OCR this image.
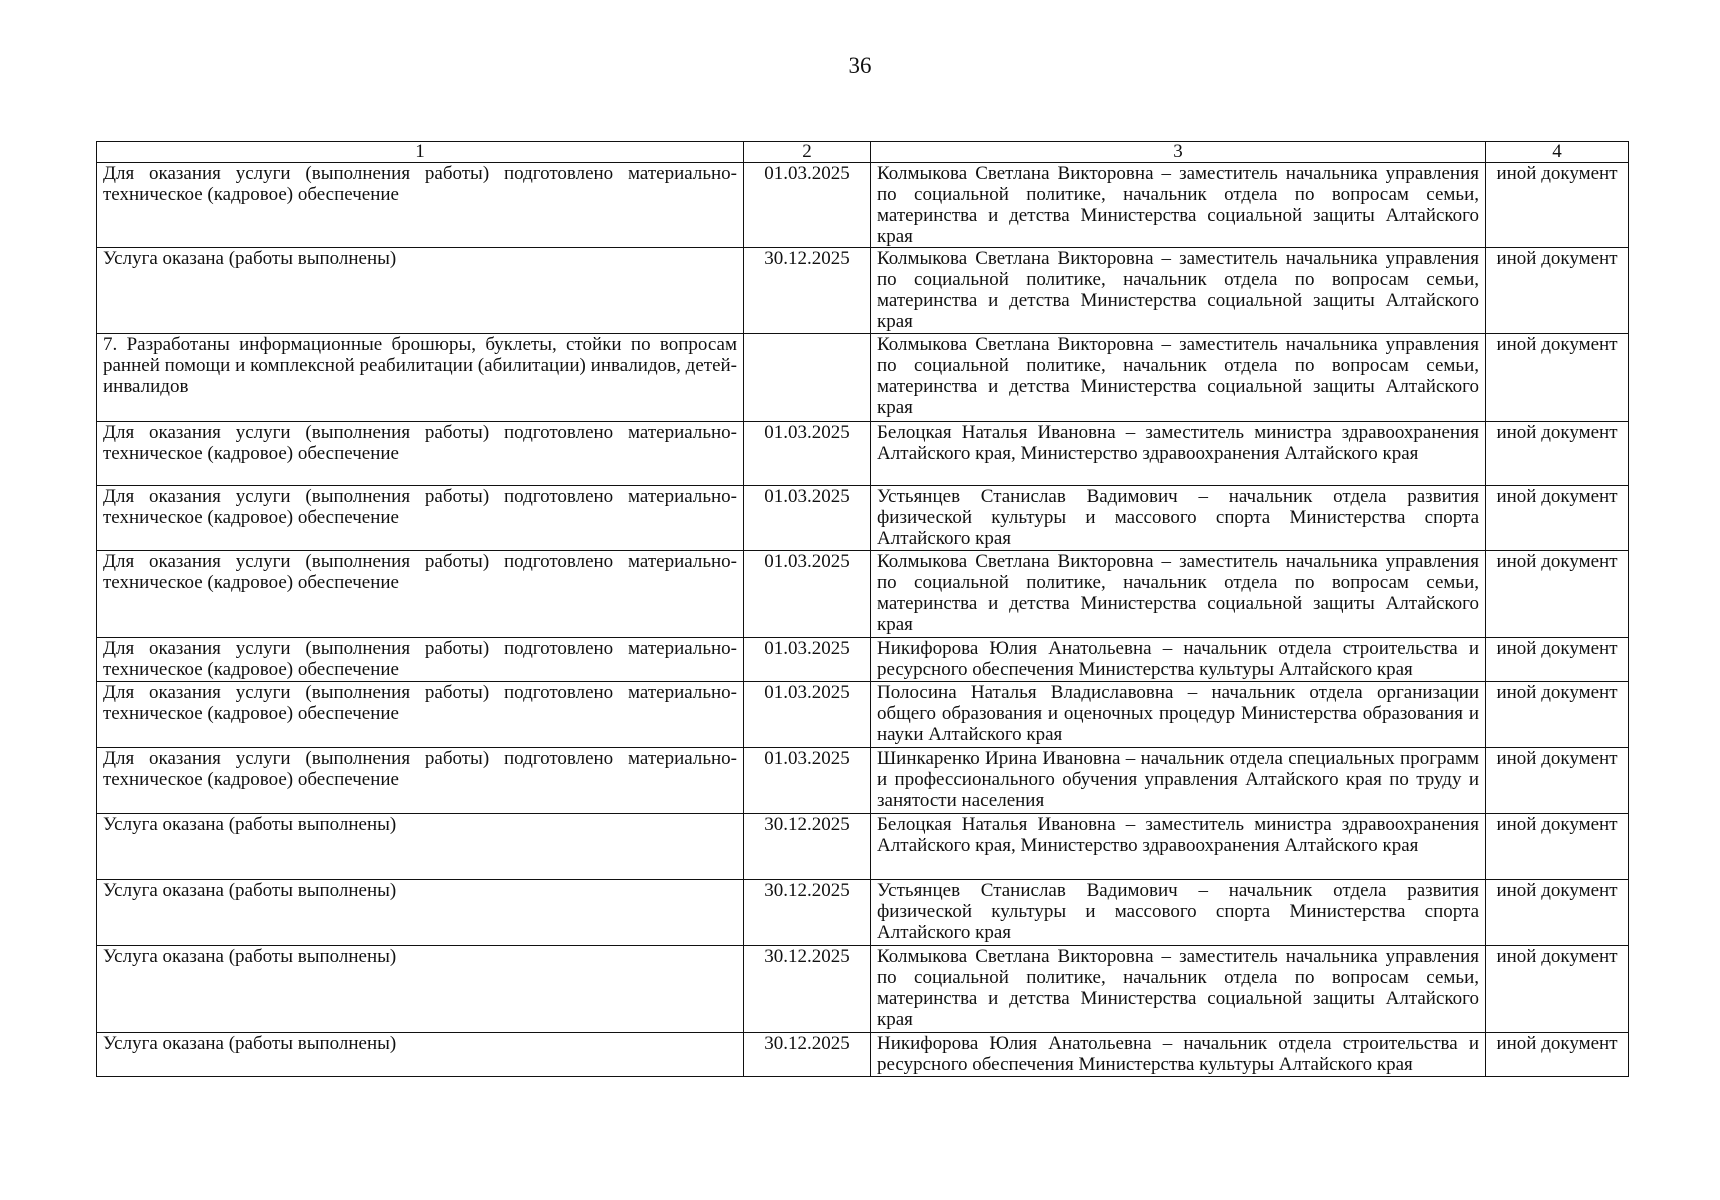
36
1	2	3	4
Для оказания услуги (выполнения работы) подготовлено материально-техническое (кадровое) обеспечение	01.03.2025	Колмыкова Светлана Викторовна – заместитель начальника управления по социальной политике, начальник отдела по вопросам семьи, материнства и детства Министерства социальной защиты Алтайского края	иной документ
Услуга оказана (работы выполнены)	30.12.2025	Колмыкова Светлана Викторовна – заместитель начальника управления по социальной политике, начальник отдела по вопросам семьи, материнства и детства Министерства социальной защиты Алтайского края	иной документ
7. Разработаны информационные брошюры, буклеты, стойки по вопросам ранней помощи и комплексной реабилитации (абилитации) инвалидов, детей-инвалидов		Колмыкова Светлана Викторовна – заместитель начальника управления по социальной политике, начальник отдела по вопросам семьи, материнства и детства Министерства социальной защиты Алтайского края	иной документ
Для оказания услуги (выполнения работы) подготовлено материально-техническое (кадровое) обеспечение	01.03.2025	Белоцкая Наталья Ивановна – заместитель министра здравоохранения Алтайского края, Министерство здравоохранения Алтайского края	иной документ
Для оказания услуги (выполнения работы) подготовлено материально-техническое (кадровое) обеспечение	01.03.2025	Устьянцев Станислав Вадимович – начальник отдела развития физической культуры и массового спорта Министерства спорта Алтайского края	иной документ
Для оказания услуги (выполнения работы) подготовлено материально-техническое (кадровое) обеспечение	01.03.2025	Колмыкова Светлана Викторовна – заместитель начальника управления по социальной политике, начальник отдела по вопросам семьи, материнства и детства Министерства социальной защиты Алтайского края	иной документ
Для оказания услуги (выполнения работы) подготовлено материально-техническое (кадровое) обеспечение	01.03.2025	Никифорова Юлия Анатольевна – начальник отдела строительства и ресурсного обеспечения Министерства культуры Алтайского края	иной документ
Для оказания услуги (выполнения работы) подготовлено материально-техническое (кадровое) обеспечение	01.03.2025	Полосина Наталья Владиславовна – начальник отдела организации общего образования и оценочных процедур Министерства образования и науки Алтайского края	иной документ
Для оказания услуги (выполнения работы) подготовлено материально-техническое (кадровое) обеспечение	01.03.2025	Шинкаренко Ирина Ивановна – начальник отдела специальных программ и профессионального обучения управления Алтайского края по труду и занятости населения	иной документ
Услуга оказана (работы выполнены)	30.12.2025	Белоцкая Наталья Ивановна – заместитель министра здравоохранения Алтайского края, Министерство здравоохранения Алтайского края	иной документ
Услуга оказана (работы выполнены)	30.12.2025	Устьянцев Станислав Вадимович – начальник отдела развития физической культуры и массового спорта Министерства спорта Алтайского края	иной документ
Услуга оказана (работы выполнены)	30.12.2025	Колмыкова Светлана Викторовна – заместитель начальника управления по социальной политике, начальник отдела по вопросам семьи, материнства и детства Министерства социальной защиты Алтайского края	иной документ
Услуга оказана (работы выполнены)	30.12.2025	Никифорова Юлия Анатольевна – начальник отдела строительства и ресурсного обеспечения Министерства культуры Алтайского края	иной документ
